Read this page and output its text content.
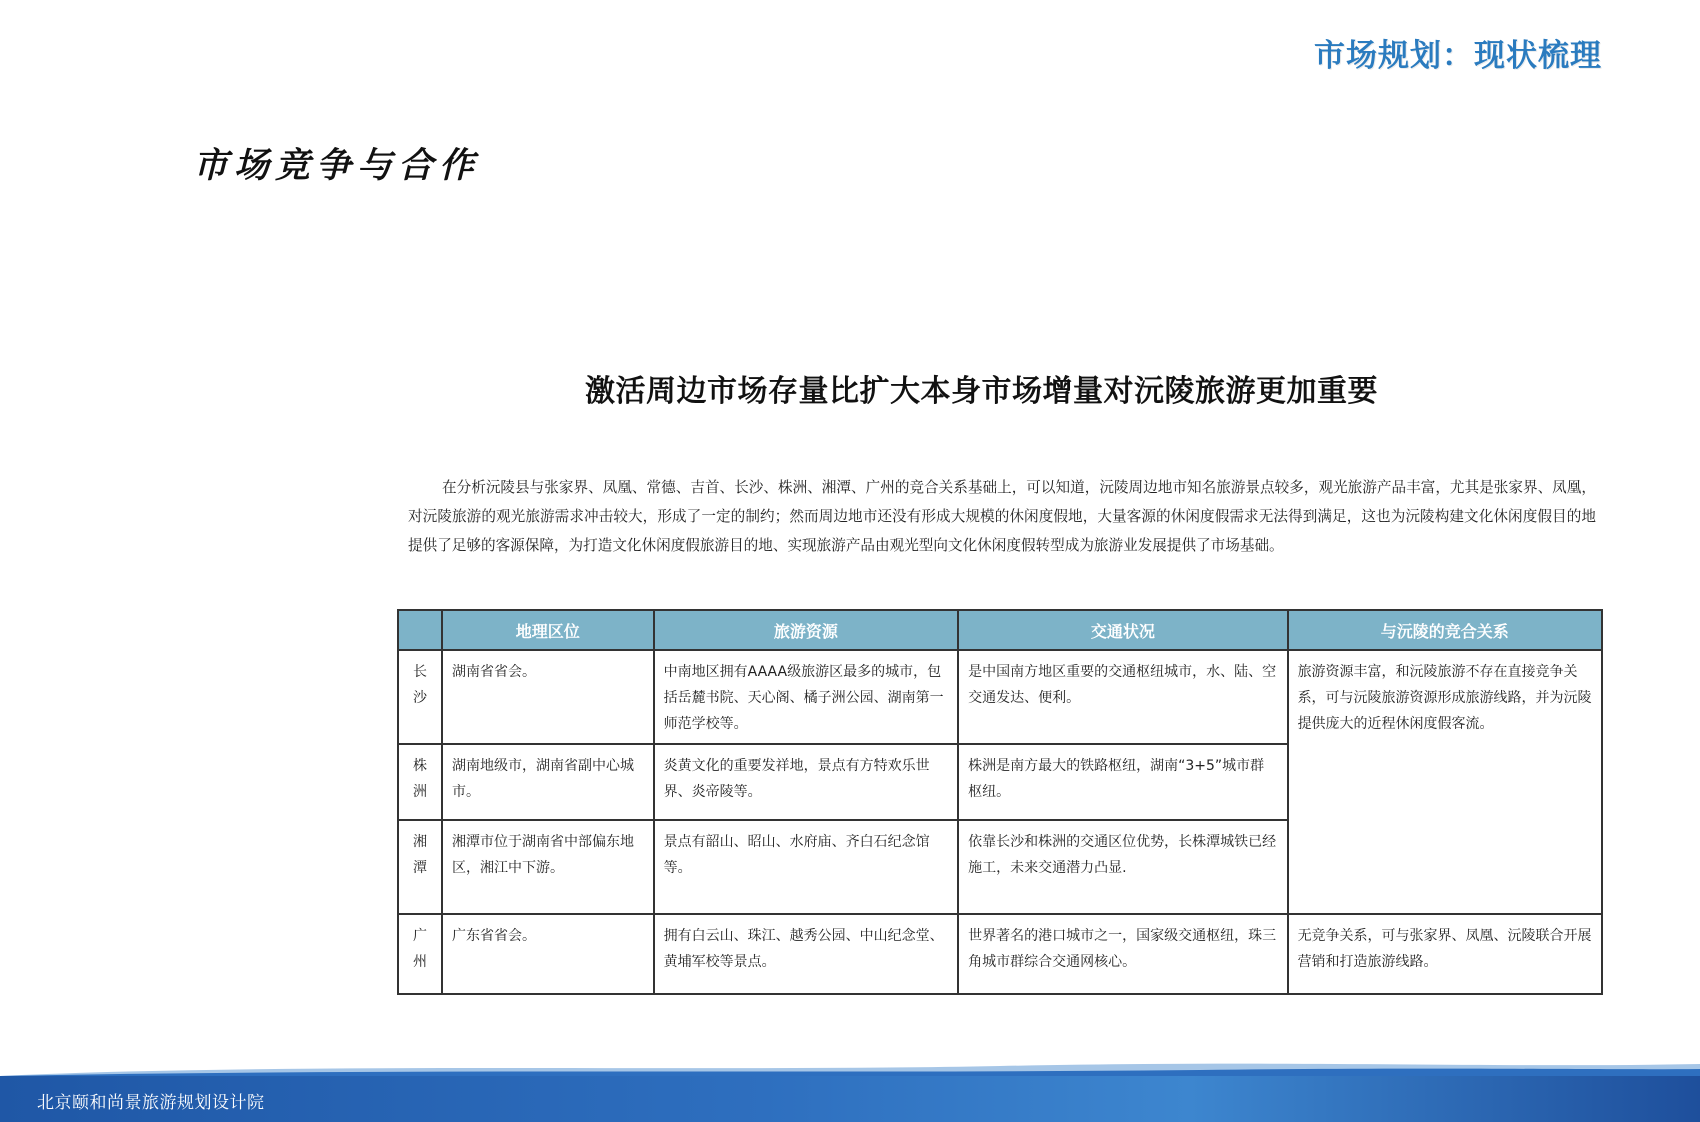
市场规划：现状梳理
市场竞争与合作
激活周边市场存量比扩大本身市场增量对沅陵旅游更加重要

在分析沅陵县与张家界、凤凰、常德、吉首、长沙、株洲、湘潭、广州的竞合关系基础上，可以知道，沅陵周边地市知名旅游景点较多，观光旅游产品丰富，尤其是张家界、凤凰，对沅陵旅游的观光旅游需求冲击较大，形成了一定的制约；然而周边地市还没有形成大规模的休闲度假地，大量客源的休闲度假需求无法得到满足，这也为沅陵构建文化休闲度假目的地提供了足够的客源保障，为打造文化休闲度假旅游目的地、实现旅游产品由观光型向文化休闲度假转型成为旅游业发展提供了市场基础。

	地理区位	旅游资源	交通状况	与沅陵的竞合关系
长沙	湖南省省会。	中南地区拥有AAAA级旅游区最多的城市，包括岳麓书院、天心阁、橘子洲公园、湖南第一师范学校等。	是中国南方地区重要的交通枢纽城市，水、陆、空交通发达、便利。	旅游资源丰富，和沅陵旅游不存在直接竞争关系，可与沅陵旅游资源形成旅游线路，并为沅陵提供庞大的近程休闲度假客流。
株洲	湖南地级市，湖南省副中心城市。	炎黄文化的重要发祥地，景点有方特欢乐世界、炎帝陵等。	株洲是南方最大的铁路枢纽，湖南“3+5”城市群枢纽。	
湘潭	湘潭市位于湖南省中部偏东地区，湘江中下游。	景点有韶山、昭山、水府庙、齐白石纪念馆等。	依靠长沙和株洲的交通区位优势，长株潭城铁已经施工，未来交通潜力凸显.	
广州	广东省省会。	拥有白云山、珠江、越秀公园、中山纪念堂、黄埔军校等景点。	世界著名的港口城市之一，国家级交通枢纽，珠三角城市群综合交通网核心。	无竞争关系，可与张家界、凤凰、沅陵联合开展营销和打造旅游线路。
北京颐和尚景旅游规划设计院
